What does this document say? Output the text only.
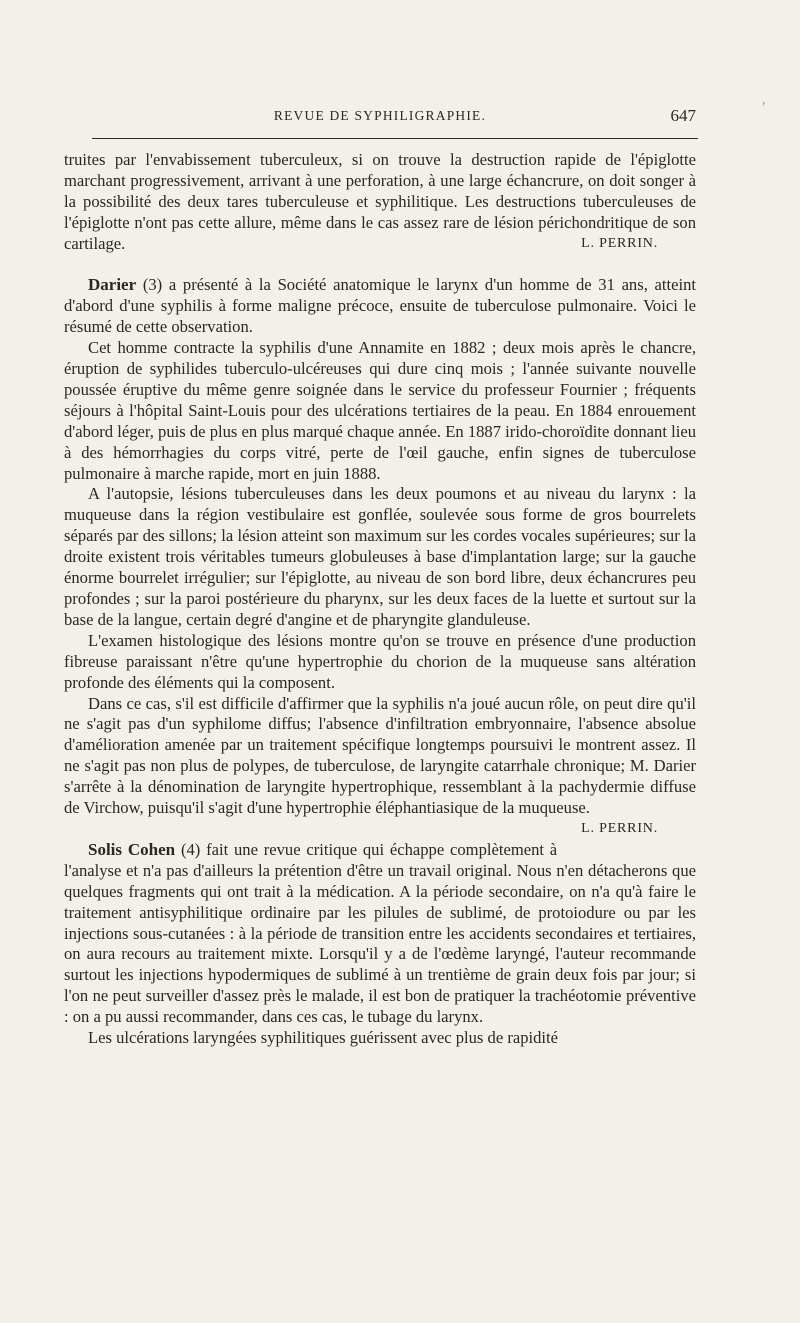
›
REVUE DE SYPHILIGRAPHIE.	647

truites par l'envabissement tuberculeux, si on trouve la destruction rapide de l'épiglotte marchant progressivement, arrivant à une perforation, à une large échancrure, on doit songer à la possibilité des deux tares tuberculeuse et syphilitique. Les destructions tuberculeuses de l'épiglotte n'ont pas cette allure, même dans le cas assez rare de lésion périchondritique de son cartilage.	L. PERRIN.

Darier (3) a présenté à la Société anatomique le larynx d'un homme de 31 ans, atteint d'abord d'une syphilis à forme maligne précoce, ensuite de tuberculose pulmonaire. Voici le résumé de cette observation.

Cet homme contracte la syphilis d'une Annamite en 1882 ; deux mois après le chancre, éruption de syphilides tuberculo-ulcéreuses qui dure cinq mois ; l'année suivante nouvelle poussée éruptive du même genre soignée dans le service du professeur Fournier ; fréquents séjours à l'hôpital Saint-Louis pour des ulcérations tertiaires de la peau. En 1884 enrouement d'abord léger, puis de plus en plus marqué chaque année. En 1887 irido-choroïdite donnant lieu à des hémorrhagies du corps vitré, perte de l'œil gauche, enfin signes de tuberculose pulmonaire à marche rapide, mort en juin 1888.

A l'autopsie, lésions tuberculeuses dans les deux poumons et au niveau du larynx : la muqueuse dans la région vestibulaire est gonflée, soulevée sous forme de gros bourrelets séparés par des sillons; la lésion atteint son maximum sur les cordes vocales supérieures; sur la droite existent trois véritables tumeurs globuleuses à base d'implantation large; sur la gauche énorme bourrelet irrégulier; sur l'épiglotte, au niveau de son bord libre, deux échancrures peu profondes ; sur la paroi postérieure du pharynx, sur les deux faces de la luette et surtout sur la base de la langue, certain degré d'angine et de pharyngite glanduleuse.

L'examen histologique des lésions montre qu'on se trouve en présence d'une production fibreuse paraissant n'être qu'une hypertrophie du chorion de la muqueuse sans altération profonde des éléments qui la composent.

Dans ce cas, s'il est difficile d'affirmer que la syphilis n'a joué aucun rôle, on peut dire qu'il ne s'agit pas d'un syphilome diffus; l'absence d'infiltration embryonnaire, l'absence absolue d'amélioration amenée par un traitement spécifique longtemps poursuivi le montrent assez. Il ne s'agit pas non plus de polypes, de tuberculose, de laryngite catarrhale chronique; M. Darier s'arrête à la dénomination de laryngite hypertrophique, ressemblant à la pachydermie diffuse de Virchow, puisqu'il s'agit d'une hypertrophie éléphantiasique de la muqueuse.
L. PERRIN.

Solis Cohen (4) fait une revue critique qui échappe complètement à l'analyse et n'a pas d'ailleurs la prétention d'être un travail original. Nous n'en détacherons que quelques fragments qui ont trait à la médication. A la période secondaire, on n'a qu'à faire le traitement antisyphilitique ordinaire par les pilules de sublimé, de protoiodure ou par les injections sous-cutanées : à la période de transition entre les accidents secondaires et tertiaires, on aura recours au traitement mixte. Lorsqu'il y a de l'œdème laryngé, l'auteur recommande surtout les injections hypodermiques de sublimé à un trentième de grain deux fois par jour; si l'on ne peut surveiller d'assez près le malade, il est bon de pratiquer la trachéotomie préventive : on a pu aussi recommander, dans ces cas, le tubage du larynx.

Les ulcérations laryngées syphilitiques guérissent avec plus de rapidité
